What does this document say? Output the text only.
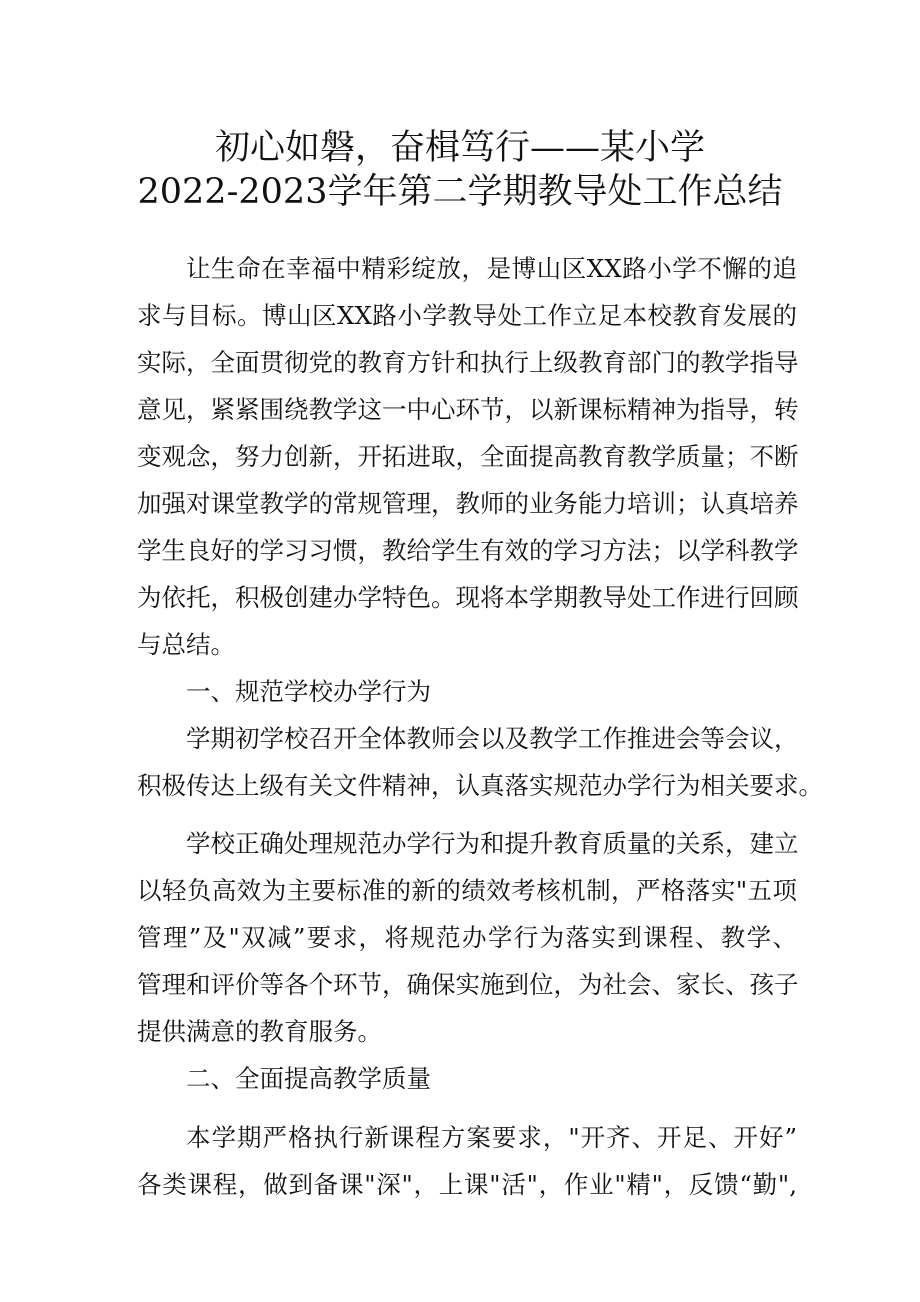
初心如磐，奋楫笃行——某小学
2022-2023学年第二学期教导处工作总结

让生命在幸福中精彩绽放，是博山区XX路小学不懈的追

求与目标。博山区XX路小学教导处工作立足本校教育发展的

实际，全面贯彻党的教育方针和执行上级教育部门的教学指导

意见，紧紧围绕教学这一中心环节，以新课标精神为指导，转

变观念，努力创新，开拓进取，全面提高教育教学质量；不断

加强对课堂教学的常规管理，教师的业务能力培训；认真培养

学生良好的学习习惯，教给学生有效的学习方法；以学科教学

为依托，积极创建办学特色。现将本学期教导处工作进行回顾

与总结。

一、规范学校办学行为

学期初学校召开全体教师会以及教学工作推进会等会议，

积极传达上级有关文件精神，认真落实规范办学行为相关要求。

学校正确处理规范办学行为和提升教育质量的关系，建立

以轻负高效为主要标准的新的绩效考核机制，严格落实"五项

管理”及"双减”要求，将规范办学行为落实到课程、教学、

管理和评价等各个环节，确保实施到位，为社会、家长、孩子

提供满意的教育服务。

二、全面提高教学质量

本学期严格执行新课程方案要求，"开齐、开足、开好”

各类课程，做到备课"深"，上课"活"，作业"精"，反馈“勤",
